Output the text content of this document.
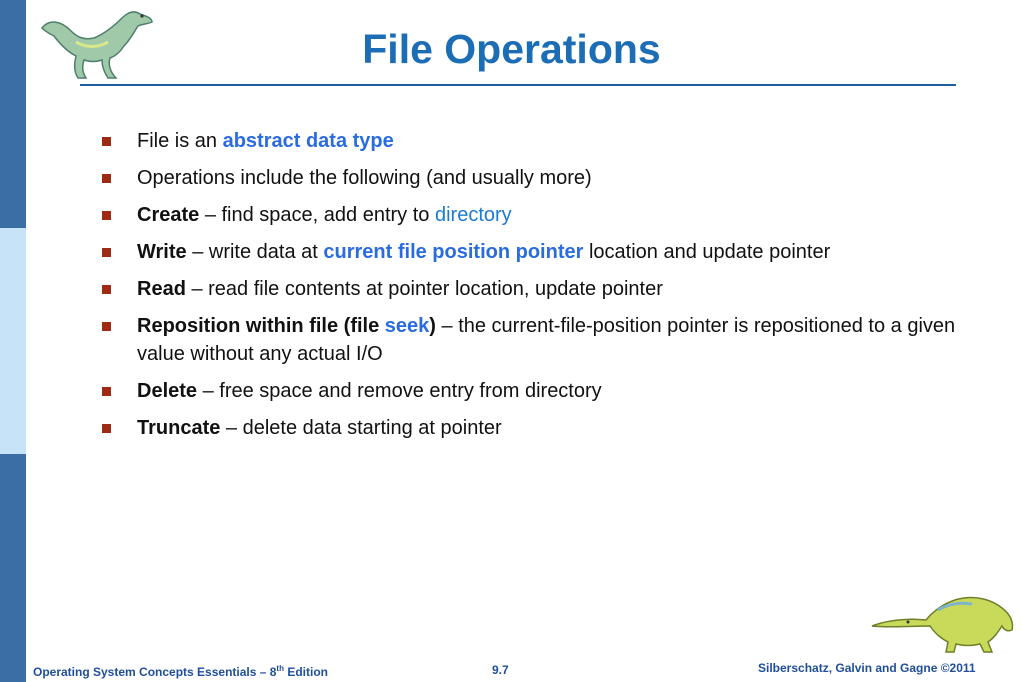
File Operations
File is an abstract data type
Operations include the following (and usually more)
Create – find space, add entry to directory
Write – write data at current file position pointer location and update pointer
Read – read file contents at pointer location, update pointer
Reposition within file (file seek) – the current-file-position pointer is repositioned to a given value without any actual I/O
Delete – free space and remove entry from directory
Truncate – delete data starting at pointer
Operating System Concepts Essentials – 8th Edition	9.7	Silberschatz, Galvin and Gagne ©2011
